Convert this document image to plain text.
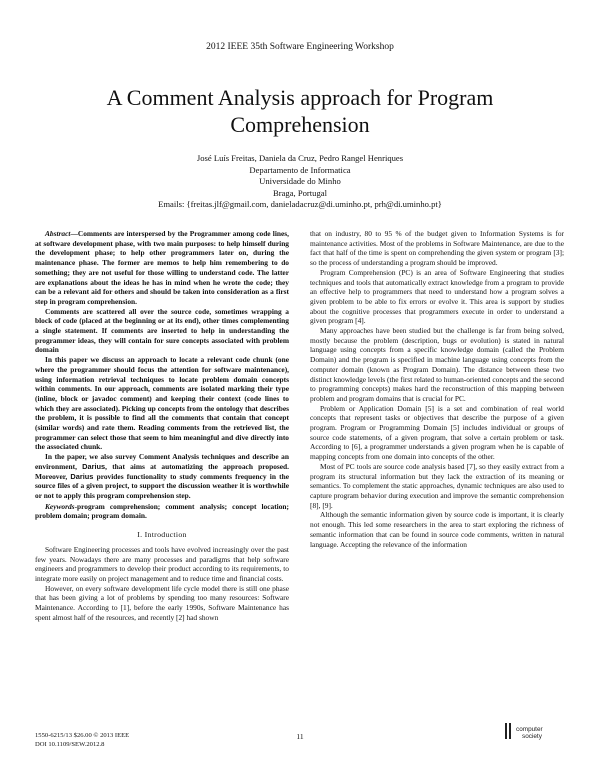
2012 IEEE 35th Software Engineering Workshop
A Comment Analysis approach for Program
Comprehension
José Luís Freitas, Daniela da Cruz, Pedro Rangel Henriques
Departamento de Informatica
Universidade do Minho
Braga, Portugal
Emails: {freitas.jlf@gmail.com, danieladacruz@di.uminho.pt, prh@di.uminho.pt}

Abstract—Comments are interspersed by the Programmer among code lines, at software development phase, with two main purposes: to help himself during the development phase; to help other programmers later on, during the maintenance phase. The former are memos to help him remembering to do something; they are not useful for those willing to understand code. The latter are explanations about the ideas he has in mind when he wrote the code; they can be a relevant aid for others and should be taken into consideration as a first step in program comprehension.

Comments are scattered all over the source code, sometimes wrapping a block of code (placed at the beginning or at its end), other times complementing a single statement. If comments are inserted to help in understanding the programmer ideas, they will contain for sure concepts associated with problem domain

In this paper we discuss an approach to locate a relevant code chunk (one where the programmer should focus the attention for software maintenance), using information retrieval techniques to locate problem domain concepts within comments. In our approach, comments are isolated marking their type (inline, block or javadoc comment) and keeping their context (code lines to which they are associated). Picking up concepts from the ontology that describes the problem, it is possible to find all the comments that contain that concept (similar words) and rate them. Reading comments from the retrieved list, the programmer can select those that seem to him meaningful and dive directly into the associated chunk.

In the paper, we also survey Comment Analysis techniques and describe an environment, Darius, that aims at automatizing the approach proposed. Moreover, Darius provides functionality to study comments frequency in the source files of a given project, to support the discussion weather it is worthwhile or not to apply this program comprehension step.

Keywords-program comprehension; comment analysis; concept location; problem domain; program domain.

I. Introduction

Software Engineering processes and tools have evolved increasingly over the past few years. Nowadays there are many processes and paradigms that help software engineers and programmers to develop their product according to its requirements, to integrate more easily on project management and to reduce time and financial costs.

However, on every software development life cycle model there is still one phase that has been giving a lot of problems by spending too many resources: Software Maintenance. According to [1], before the early 1990s, Software Maintenance has spent almost half of the resources, and recently [2] had shown

that on industry, 80 to 95 % of the budget given to Information Systems is for maintenance activities. Most of the problems in Software Maintenance, are due to the fact that half of the time is spent on comprehending the given system or program [3]; so the process of understanding a program should be improved.

Program Comprehension (PC) is an area of Software Engineering that studies techniques and tools that automatically extract knowledge from a program to provide an effective help to programmers that need to understand how a program solves a given problem to be able to fix errors or evolve it. This area is support by studies about the cognitive processes that programmers execute in order to understand a given program [4].

Many approaches have been studied but the challenge is far from being solved, mostly because the problem (description, bugs or evolution) is stated in natural language using concepts from a specific knowledge domain (called the Problem Domain) and the program is specified in machine language using concepts from the computer domain (known as Program Domain). The distance between these two distinct knowledge levels (the first related to human-oriented concepts and the second to programming concepts) makes hard the reconstruction of this mapping between problem and program domains that is crucial for PC.

Problem or Application Domain [5] is a set and combination of real world concepts that represent tasks or objectives that describe the purpose of a given program. Program or Programming Domain [5] includes individual or groups of source code statements, of a given program, that solve a certain problem or task. According to [6], a programmer understands a given program when he is capable of mapping concepts from one domain into concepts of the other.

Most of PC tools are source code analysis based [7], so they easily extract from a program its structural information but they lack the extraction of its meaning or semantics. To complement the static approaches, dynamic techniques are also used to capture program behavior during execution and improve the semantic comprehension [8], [9].

Although the semantic information given by source code is important, it is clearly not enough. This led some researchers in the area to start exploring the richness of semantic information that can be found in source code comments, written in natural language. Accepting the relevance of the information

1550-6215/13 $26.00 © 2013 IEEE
DOI 10.1109/SEW.2012.8
11
computer
society
